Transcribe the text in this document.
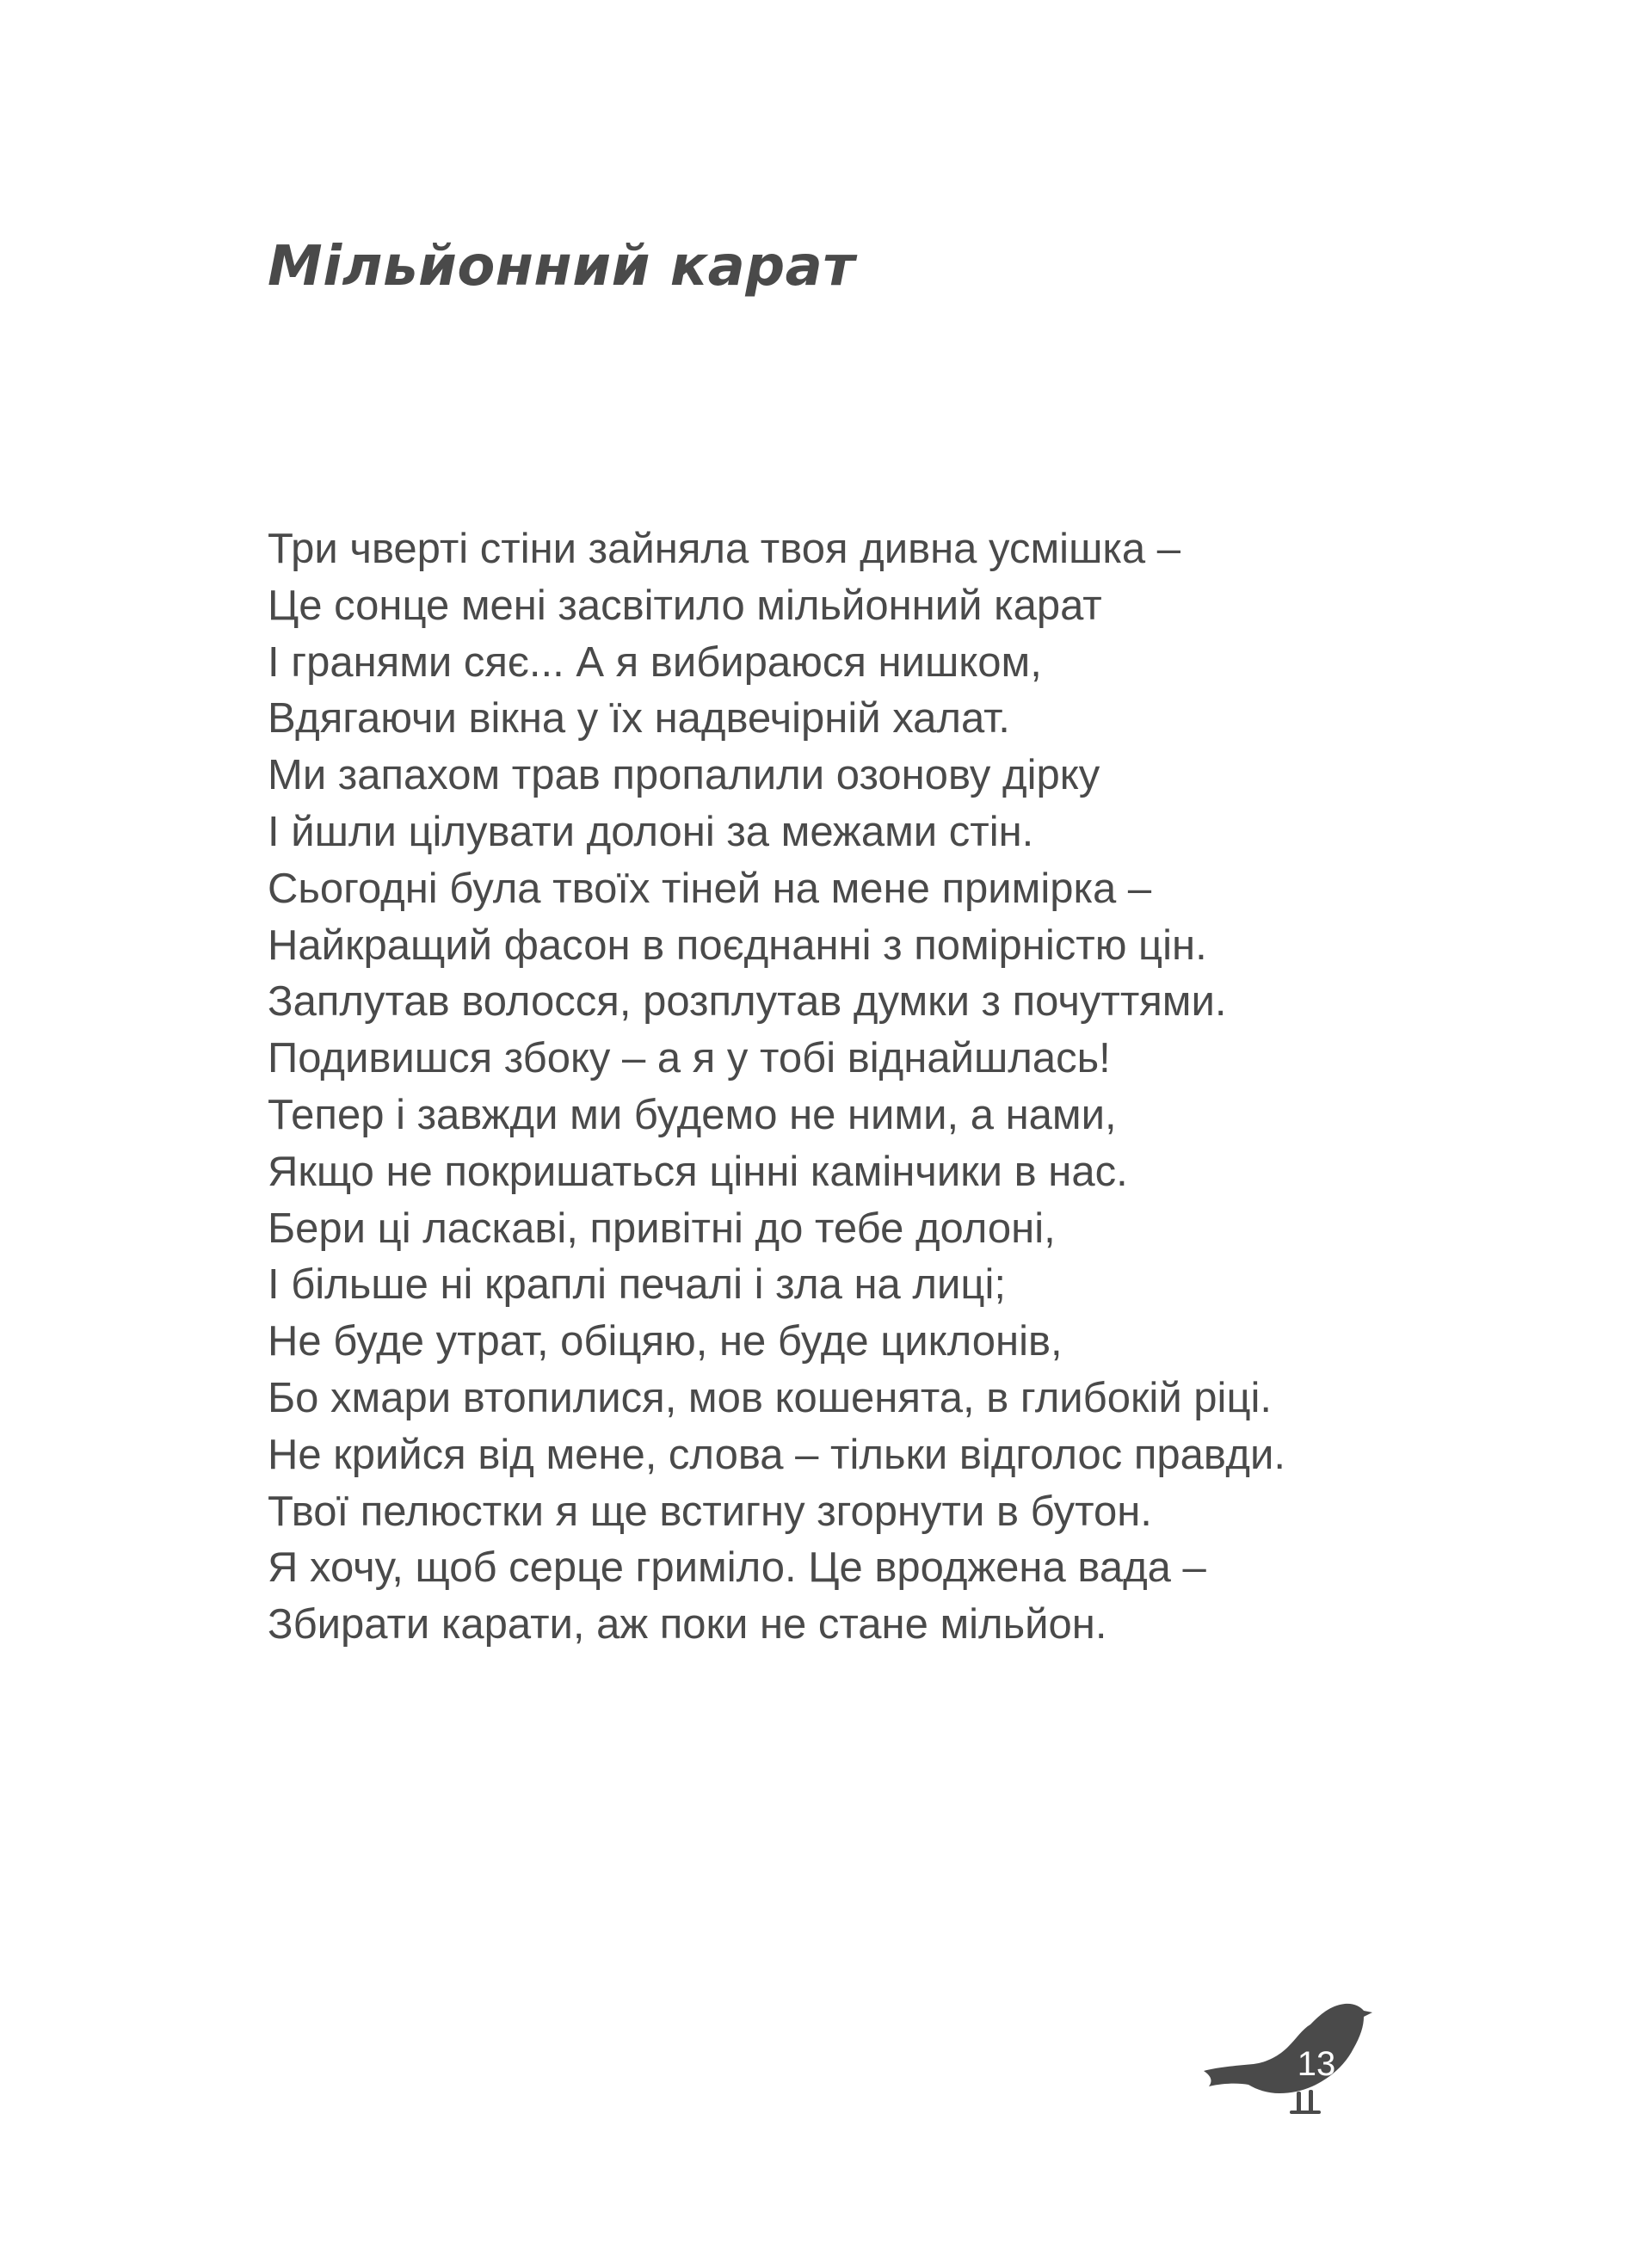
Мільйонний карат
Три чверті стіни зайняла твоя дивна усмішка –
Це сонце мені засвітило мільйонний карат
І гранями сяє... А я вибираюся нишком,
Вдягаючи вікна у їх надвечірній халат.
Ми запахом трав пропалили озонову дірку
І йшли цілувати долоні за межами стін.
Сьогодні була твоїх тіней на мене примірка –
Найкращий фасон в поєднанні з помірністю цін.
Заплутав волосся, розплутав думки з почуттями.
Подивишся збоку – а я у тобі віднайшлась!
Тепер і завжди ми будемо не ними, а нами,
Якщо не покришаться цінні камінчики в нас.
Бери ці ласкаві, привітні до тебе долоні,
І більше ні краплі печалі і зла на лиці;
Не буде утрат, обіцяю, не буде циклонів,
Бо хмари втопилися, мов кошенята, в глибокій ріці.
Не крийся від мене, слова – тільки відголос правди.
Твої пелюстки я ще встигну згорнути в бутон.
Я хочу, щоб серце гриміло. Це вроджена вада –
Збирати карати, аж поки не стане мільйон.
13
